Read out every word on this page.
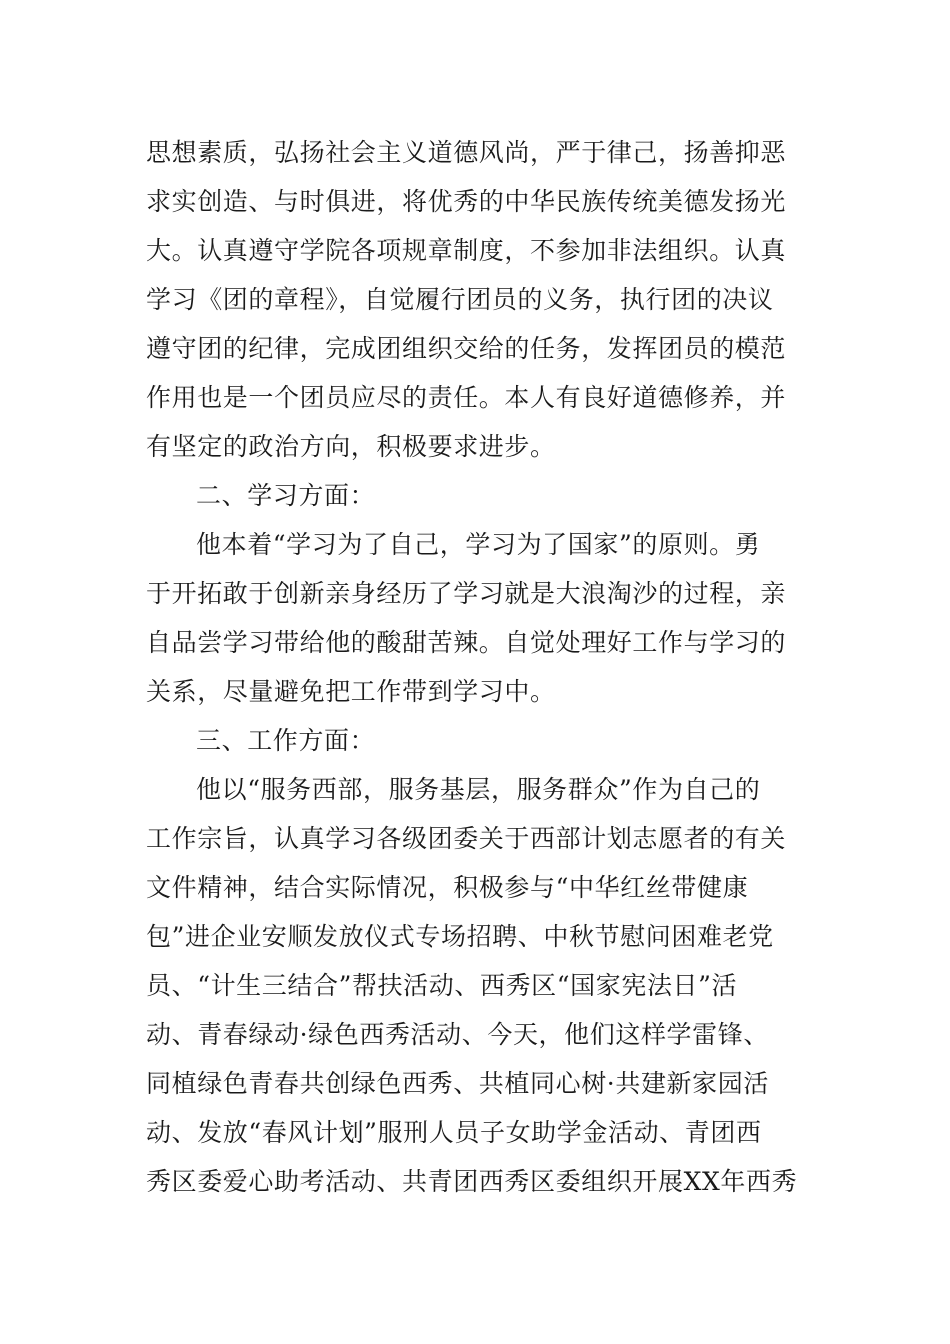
思想素质，弘扬社会主义道德风尚，严于律己，扬善抑恶
求实创造、与时俱进，将优秀的中华民族传统美德发扬光
大。认真遵守学院各项规章制度，不参加非法组织。认真
学习《团的章程》，自觉履行团员的义务，执行团的决议
遵守团的纪律，完成团组织交给的任务，发挥团员的模范
作用也是一个团员应尽的责任。本人有良好道德修养，并
有坚定的政治方向，积极要求进步。
二、学习方面：
他本着“学习为了自己，学习为了国家”的原则。勇
于开拓敢于创新亲身经历了学习就是大浪淘沙的过程，亲
自品尝学习带给他的酸甜苦辣。自觉处理好工作与学习的
关系，尽量避免把工作带到学习中。
三、工作方面：
他以“服务西部，服务基层，服务群众”作为自己的
工作宗旨，认真学习各级团委关于西部计划志愿者的有关
文件精神，结合实际情况，积极参与“中华红丝带健康
包”进企业安顺发放仪式专场招聘、中秋节慰问困难老党
员、“计生三结合”帮扶活动、西秀区“国家宪法日”活
动、青春绿动·绿色西秀活动、今天，他们这样学雷锋、
同植绿色青春共创绿色西秀、共植同心树·共建新家园活
动、发放“春风计划”服刑人员子女助学金活动、青团西
秀区委爱心助考活动、共青团西秀区委组织开展XX年西秀
